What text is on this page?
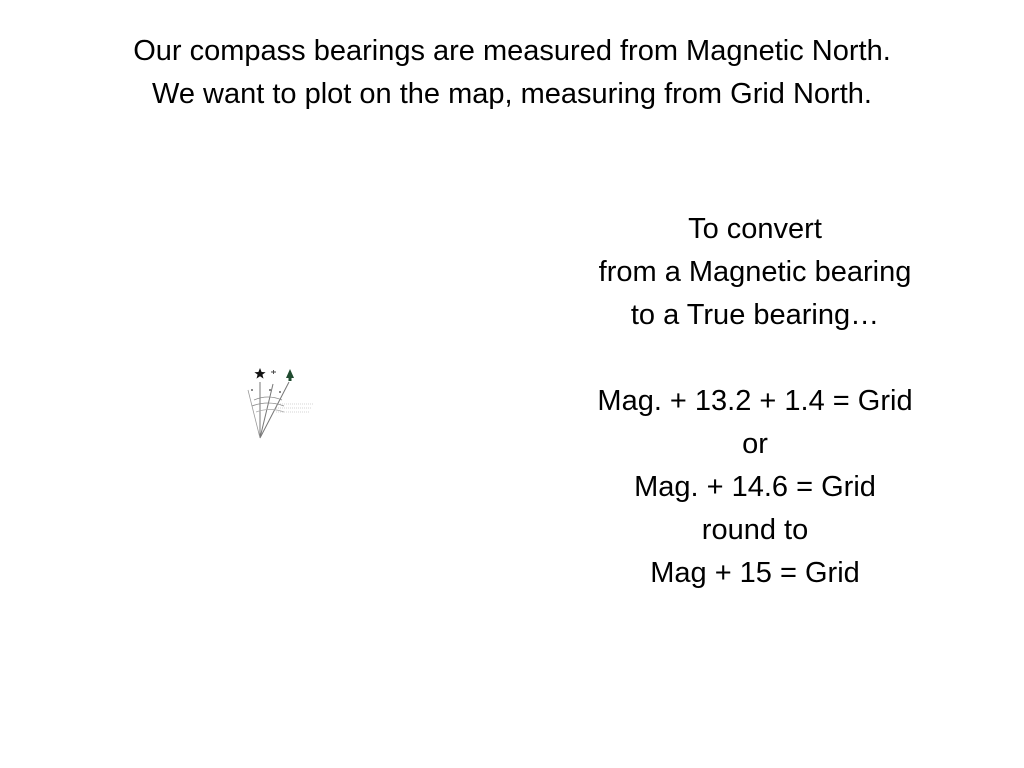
Our compass bearings are measured from Magnetic North.
We want to plot on the map, measuring from Grid North.
To convert
from a Magnetic bearing
to a True bearing…
Mag. + 13.2 + 1.4 = Grid
or
Mag. + 14.6 = Grid
round to
Mag + 15 = Grid
